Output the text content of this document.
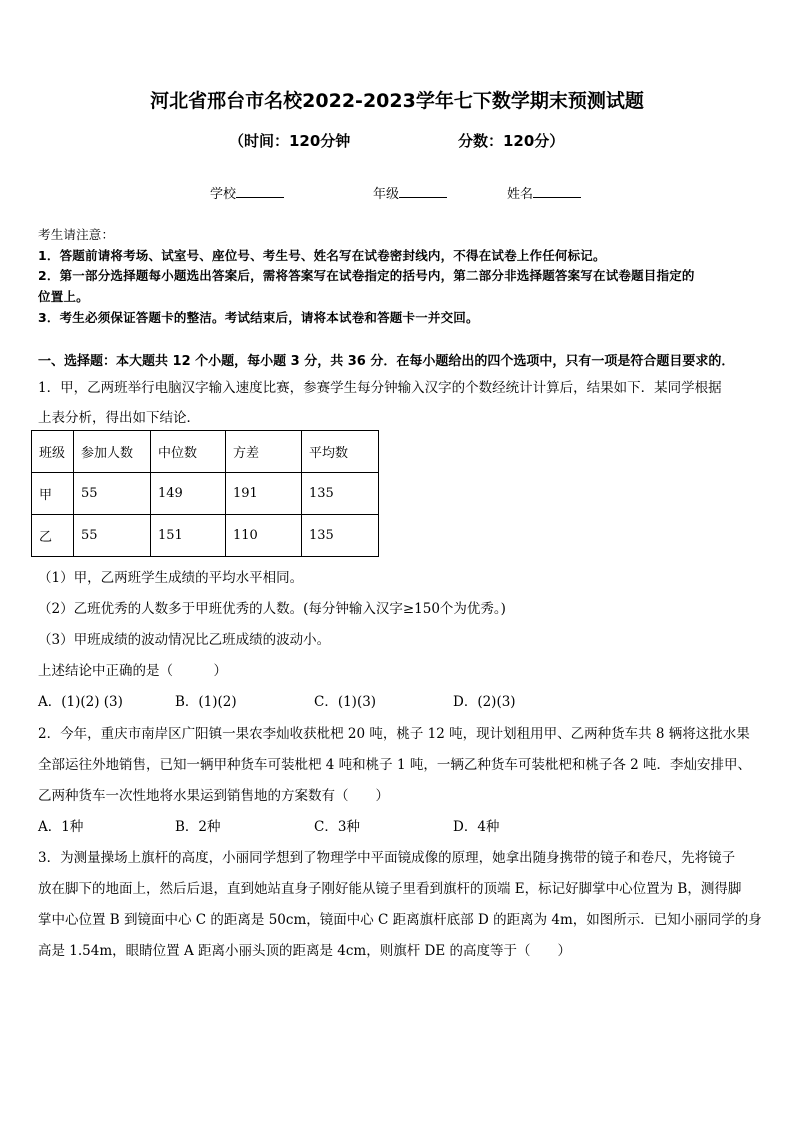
河北省邢台市名校2022-2023学年七下数学期末预测试题
（时间：120分钟	分数：120分）
学校	年级	姓名
考生请注意：
1．答题前请将考场、试室号、座位号、考生号、姓名写在试卷密封线内，不得在试卷上作任何标记。
2．第一部分选择题每小题选出答案后，需将答案写在试卷指定的括号内，第二部分非选择题答案写在试卷题目指定的
位置上。
3．考生必须保证答题卡的整洁。考试结束后，请将本试卷和答题卡一并交回。
一、选择题：本大题共 12 个小题，每小题 3 分，共 36 分．在每小题给出的四个选项中，只有一项是符合题目要求的．
1．甲，乙两班举行电脑汉字输入速度比赛，参赛学生每分钟输入汉字的个数经统计计算后，结果如下．某同学根据
上表分析，得出如下结论．
班级	参加人数	中位数	方差	平均数
甲	55	149	191	135
乙	55	151	110	135
（1）甲，乙两班学生成绩的平均水平相同。
（2）乙班优秀的人数多于甲班优秀的人数。(每分钟输入汉字≥150个为优秀。)
（3）甲班成绩的波动情况比乙班成绩的波动小。
上述结论中正确的是（　　　）
A．(1)(2) (3)	B．(1)(2)	C．(1)(3)	D．(2)(3)
2．今年，重庆市南岸区广阳镇一果农李灿收获枇杷 20 吨，桃子 12 吨，现计划租用甲、乙两种货车共 8 辆将这批水果
全部运往外地销售，已知一辆甲种货车可装枇杷 4 吨和桃子 1 吨，一辆乙种货车可装枇杷和桃子各 2 吨．李灿安排甲、
乙两种货车一次性地将水果运到销售地的方案数有（　　）
A．1种	B．2种	C．3种	D．4种
3．为测量操场上旗杆的高度，小丽同学想到了物理学中平面镜成像的原理，她拿出随身携带的镜子和卷尺，先将镜子
放在脚下的地面上，然后后退，直到她站直身子刚好能从镜子里看到旗杆的顶端 E，标记好脚掌中心位置为 B，测得脚
掌中心位置 B 到镜面中心 C 的距离是 50cm，镜面中心 C 距离旗杆底部 D 的距离为 4m，如图所示．已知小丽同学的身
高是 1.54m，眼睛位置 A 距离小丽头顶的距离是 4cm，则旗杆 DE 的高度等于（　　）
